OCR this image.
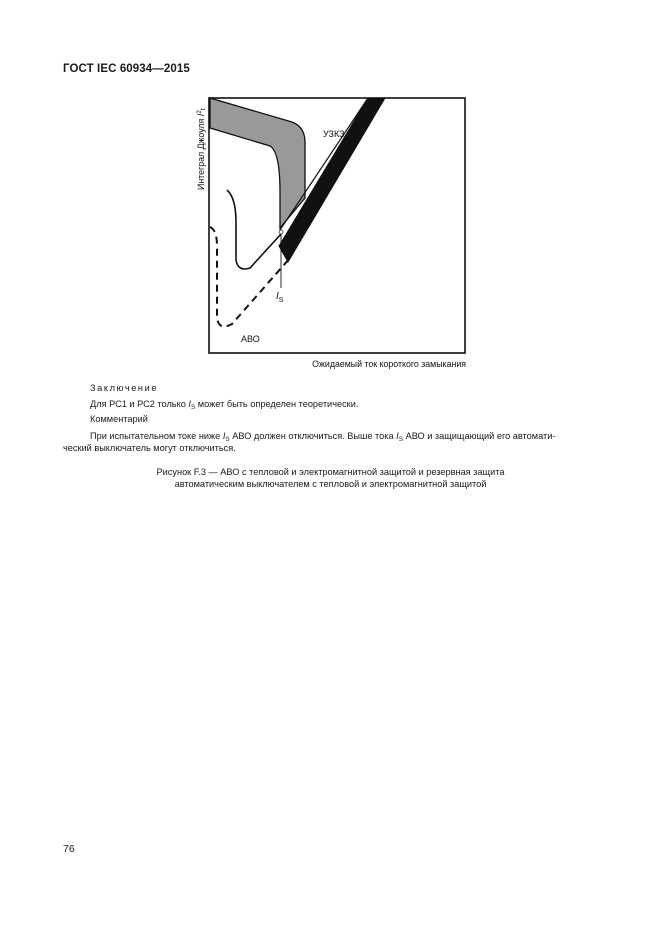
ГОСТ IEC 60934—2015
Интеграл Джоуля $I^2_t$
УЗКЗ
АВО
$I_S$
Ожидаемый ток короткого замыкания
Заключение
Для РС1 и РС2 только $I_S$ может быть определен теоретически.
Комментарий
При испытательном токе ниже $I_S$ АВО должен отключиться. Выше тока $I_S$ АВО и защищающий его автомати-
ческий выключатель могут отключиться.
Рисунок F.3 — АВО с тепловой и электромагнитной защитой и резервная защита
автоматическим выключателем с тепловой и электромагнитной защитой
76
